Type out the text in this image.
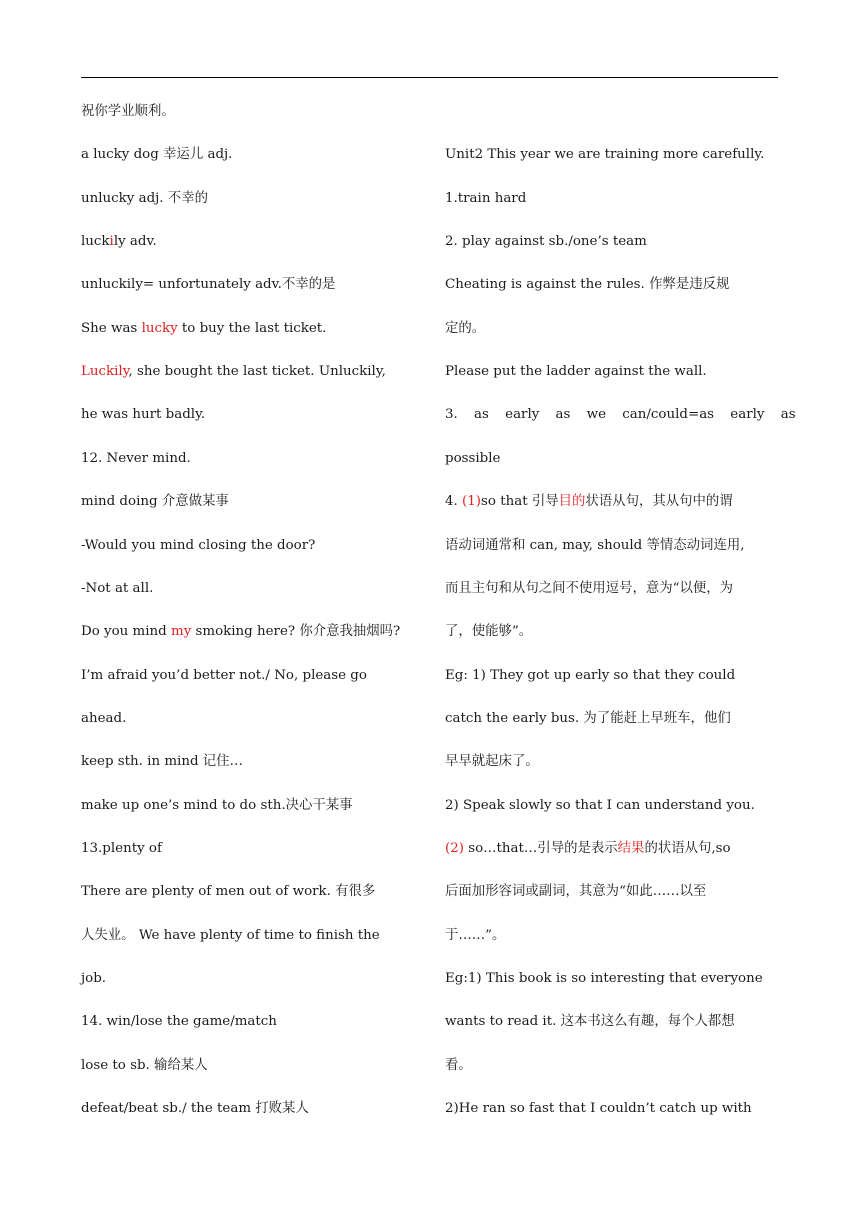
祝你学业顺利。
a lucky dog 幸运儿 adj.
unlucky adj. 不幸的
luckily adv.
unluckily= unfortunately adv.不幸的是
She was lucky to buy the last ticket.
Luckily, she bought the last ticket. Unluckily,
he was hurt badly.
12. Never mind.
mind doing 介意做某事
-Would you mind closing the door?
-Not at all.
Do you mind my smoking here? 你介意我抽烟吗?
I’m afraid you’d better not./ No, please go
ahead.
keep sth. in mind 记住…
make up one’s mind to do sth.决心干某事
13.plenty of
There are plenty of men out of work. 有很多
人失业。 We have plenty of time to finish the
job.
14. win/lose the game/match
lose to sb. 输给某人
defeat/beat sb./ the team 打败某人
Unit2 This year we are training more carefully.
1.train hard
2. play against sb./one’s team
Cheating is against the rules. 作弊是违反规
定的。
Please put the ladder against the wall.
3. as early as we can/could=as early as
possible
4. (1)so that 引导目的状语从句，其从句中的谓
语动词通常和 can, may, should 等情态动词连用,
而且主句和从句之间不使用逗号，意为“以便，为
了，使能够”。
Eg: 1) They got up early so that they could
catch the early bus. 为了能赶上早班车，他们
早早就起床了。
2) Speak slowly so that I can understand you.
(2) so…that…引导的是表示结果的状语从句,so
后面加形容词或副词，其意为“如此……以至
于……”。
Eg:1) This book is so interesting that everyone
wants to read it. 这本书这么有趣，每个人都想
看。
2)He ran so fast that I couldn’t catch up with
